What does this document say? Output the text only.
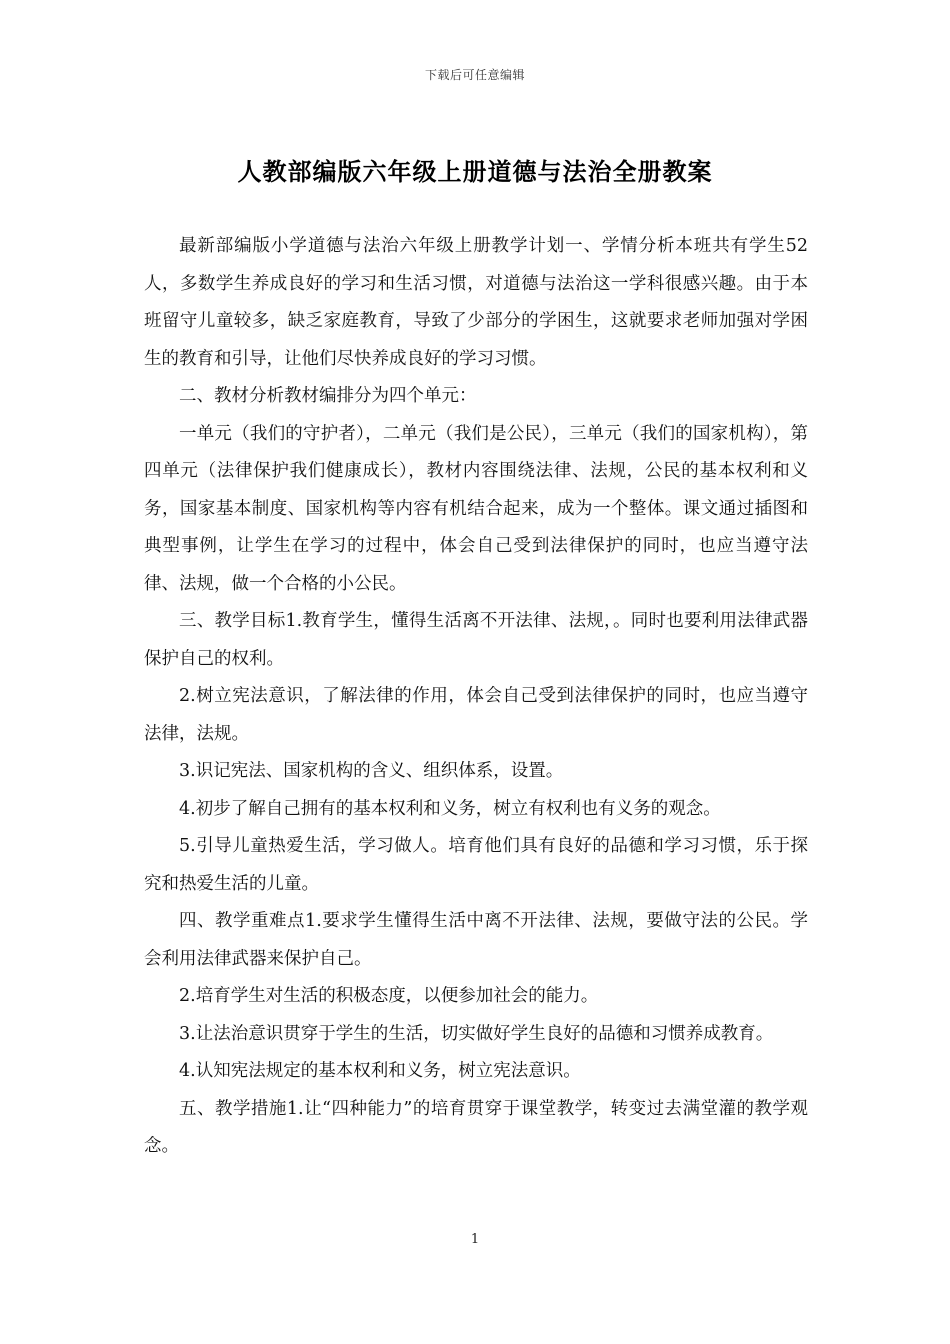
下载后可任意编辑
人教部编版六年级上册道德与法治全册教案

最新部编版小学道德与法治六年级上册教学计划一、学情分析本班共有学生52人，多数学生养成良好的学习和生活习惯，对道德与法治这一学科很感兴趣。由于本班留守儿童较多，缺乏家庭教育，导致了少部分的学困生，这就要求老师加强对学困生的教育和引导，让他们尽快养成良好的学习习惯。

二、教材分析教材编排分为四个单元：

一单元（我们的守护者），二单元（我们是公民），三单元（我们的国家机构），第四单元（法律保护我们健康成长），教材内容围绕法律、法规，公民的基本权利和义务，国家基本制度、国家机构等内容有机结合起来，成为一个整体。课文通过插图和典型事例，让学生在学习的过程中，体会自己受到法律保护的同时，也应当遵守法律、法规，做一个合格的小公民。

三、教学目标1.教育学生，懂得生活离不开法律、法规，。同时也要利用法律武器保护自己的权利。

2.树立宪法意识，了解法律的作用，体会自己受到法律保护的同时，也应当遵守法律，法规。

3.识记宪法、国家机构的含义、组织体系，设置。

4.初步了解自己拥有的基本权利和义务，树立有权利也有义务的观念。

5.引导儿童热爱生活，学习做人。培育他们具有良好的品德和学习习惯，乐于探究和热爱生活的儿童。

四、教学重难点1.要求学生懂得生活中离不开法律、法规，要做守法的公民。学会利用法律武器来保护自己。

2.培育学生对生活的积极态度，以便参加社会的能力。

3.让法治意识贯穿于学生的生活，切实做好学生良好的品德和习惯养成教育。

4.认知宪法规定的基本权利和义务，树立宪法意识。

五、教学措施1.让“四种能力”的培育贯穿于课堂教学，转变过去满堂灌的教学观念。

1
